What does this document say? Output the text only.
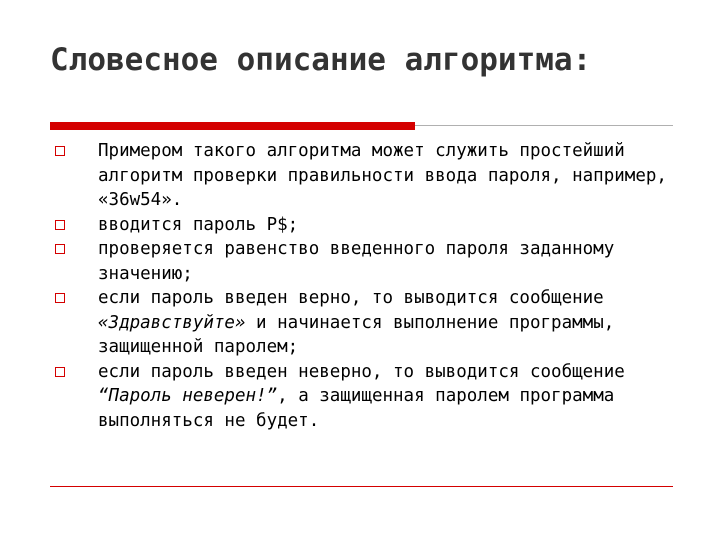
Словесное описание алгоритма:
Примером такого алгоритма может служить простейший алгоритм проверки правильности ввода пароля, например, «36w54».
вводится пароль Р$;
проверяется равенство введенного пароля заданному значению;
если пароль введен верно, то выводится сообщение «Здравствуйте» и начинается выполнение программы, защищенной паролем;
если пароль введен неверно, то выводится сообщение “Пароль неверен!”, а защищенная паролем программа выполняться не будет.
